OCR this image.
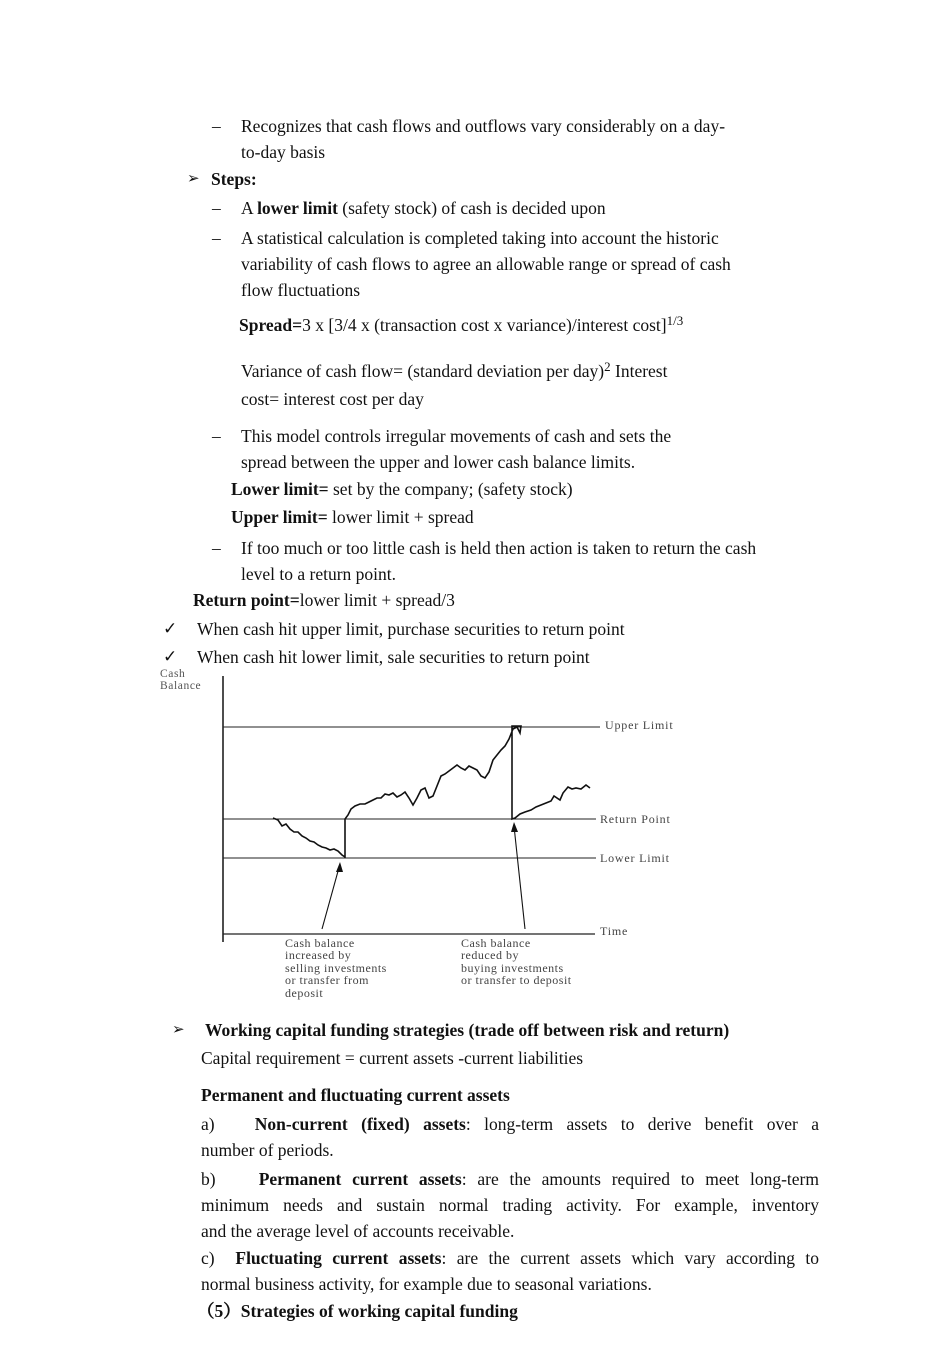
– Recognizes that cash flows and outflows vary considerably on a day-
to-day basis
➢ Steps:
– A lower limit (safety stock) of cash is decided upon
– A statistical calculation is completed taking into account the historic
variability of cash flows to agree an allowable range or spread of cash
flow fluctuations
Spread=3 x [3/4 x (transaction cost x variance)/interest cost]$^{1/3}$
Variance of cash flow= (standard deviation per day)$^2$ Interest
cost= interest cost per day
– This model controls irregular movements of cash and sets the
spread between the upper and lower cash balance limits.
Lower limit= set by the company; (safety stock)
Upper limit= lower limit + spread
– If too much or too little cash is held then action is taken to return the cash
level to a return point.
Return point=lower limit + spread/3
✓ When cash hit upper limit, purchase securities to return point
✓ When cash hit lower limit, sale securities to return point
Cash
Balance
Upper Limit
Return Point
Lower Limit
Time
Cash balance increased by selling investments or transfer from deposit
Cash balance reduced by buying investments or transfer to deposit
➢ Working capital funding strategies (trade off between risk and return)
Capital requirement = current assets -current liabilities
Permanent and fluctuating current assets
a) Non-current (fixed) assets: long-term assets to derive benefit over a
number of periods.
b) Permanent current assets: are the amounts required to meet long-term
minimum needs and sustain normal trading activity. For example, inventory
and the average level of accounts receivable.
c) Fluctuating current assets: are the current assets which vary according to
normal business activity, for example due to seasonal variations.
（5）Strategies of working capital funding
